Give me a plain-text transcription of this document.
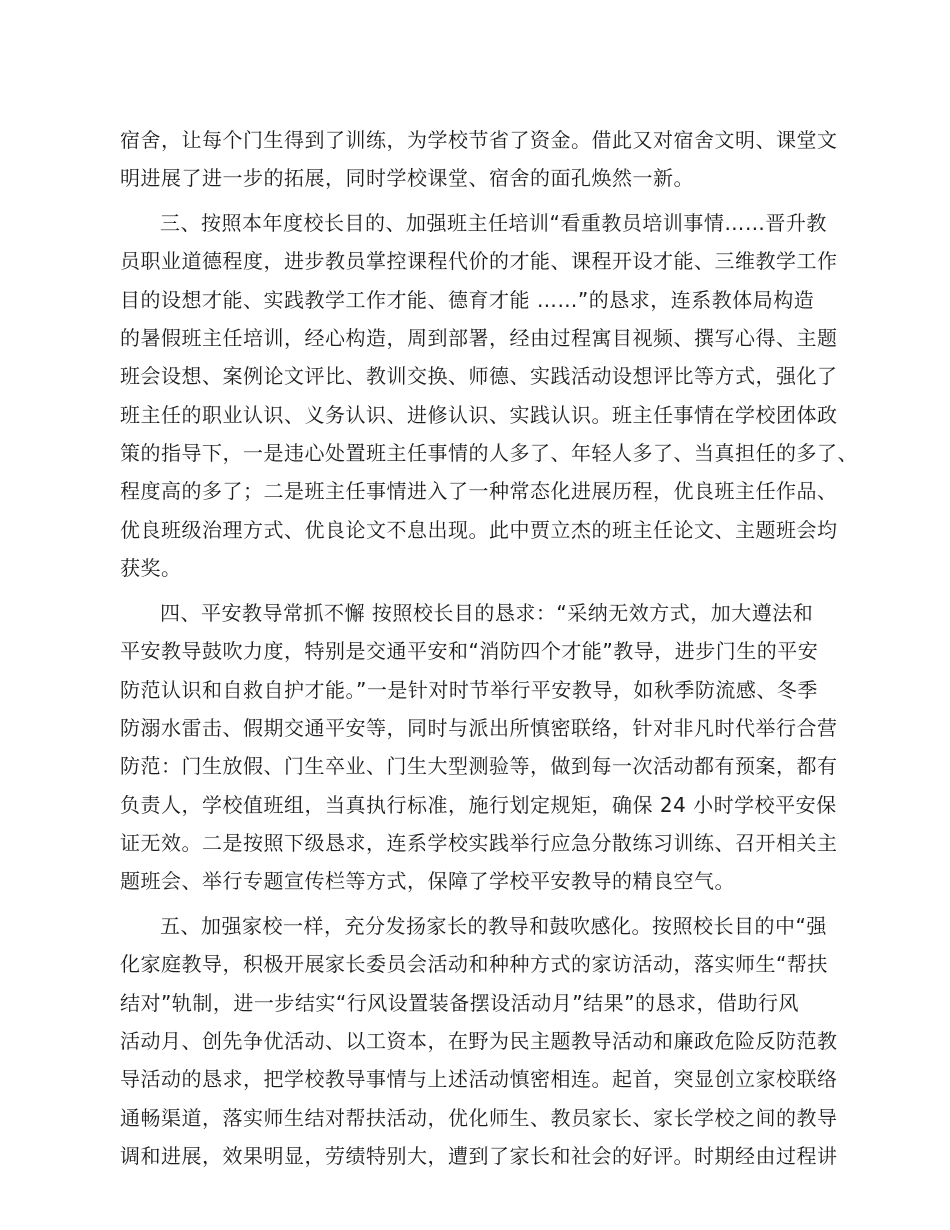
宿舍，让每个门生得到了训练，为学校节省了资金。借此又对宿舍文明、课堂文
明进展了进一步的拓展，同时学校课堂、宿舍的面孔焕然一新。
三、按照本年度校长目的、加强班主任培训“看重教员培训事情……晋升教
员职业道德程度，进步教员掌控课程代价的才能、课程开设才能、三维教学工作
目的设想才能、实践教学工作才能、德育才能 ……”的恳求，连系教体局构造
的暑假班主任培训，经心构造，周到部署，经由过程寓目视频、撰写心得、主题
班会设想、案例论文评比、教训交换、师德、实践活动设想评比等方式，强化了
班主任的职业认识、义务认识、进修认识、实践认识。班主任事情在学校团体政
策的指导下，一是违心处置班主任事情的人多了、年轻人多了、当真担任的多了、
程度高的多了；二是班主任事情进入了一种常态化进展历程，优良班主任作品、
优良班级治理方式、优良论文不息出现。此中贾立杰的班主任论文、主题班会均
获奖。
四、平安教导常抓不懈 按照校长目的恳求：“采纳无效方式，加大遵法和
平安教导鼓吹力度，特别是交通平安和“消防四个才能”教导，进步门生的平安
防范认识和自救自护才能。”一是针对时节举行平安教导，如秋季防流感、冬季
防溺水雷击、假期交通平安等，同时与派出所慎密联络，针对非凡时代举行合营
防范：门生放假、门生卒业、门生大型测验等，做到每一次活动都有预案，都有
负责人，学校值班组，当真执行标准，施行划定规矩，确保 24 小时学校平安保
证无效。二是按照下级恳求，连系学校实践举行应急分散练习训练、召开相关主
题班会、举行专题宣传栏等方式，保障了学校平安教导的精良空气。
五、加强家校一样，充分发扬家长的教导和鼓吹感化。按照校长目的中“强
化家庭教导，积极开展家长委员会活动和种种方式的家访活动，落实师生“帮扶
结对”轨制，进一步结实“行风设置装备摆设活动月”结果”的恳求，借助行风
活动月、创先争优活动、以工资本，在野为民主题教导活动和廉政危险反防范教
导活动的恳求，把学校教导事情与上述活动慎密相连。起首，突显创立家校联络
通畅渠道，落实师生结对帮扶活动，优化师生、教员家长、家长学校之间的教导
调和进展，效果明显，劳绩特别大，遭到了家长和社会的好评。时期经由过程讲
